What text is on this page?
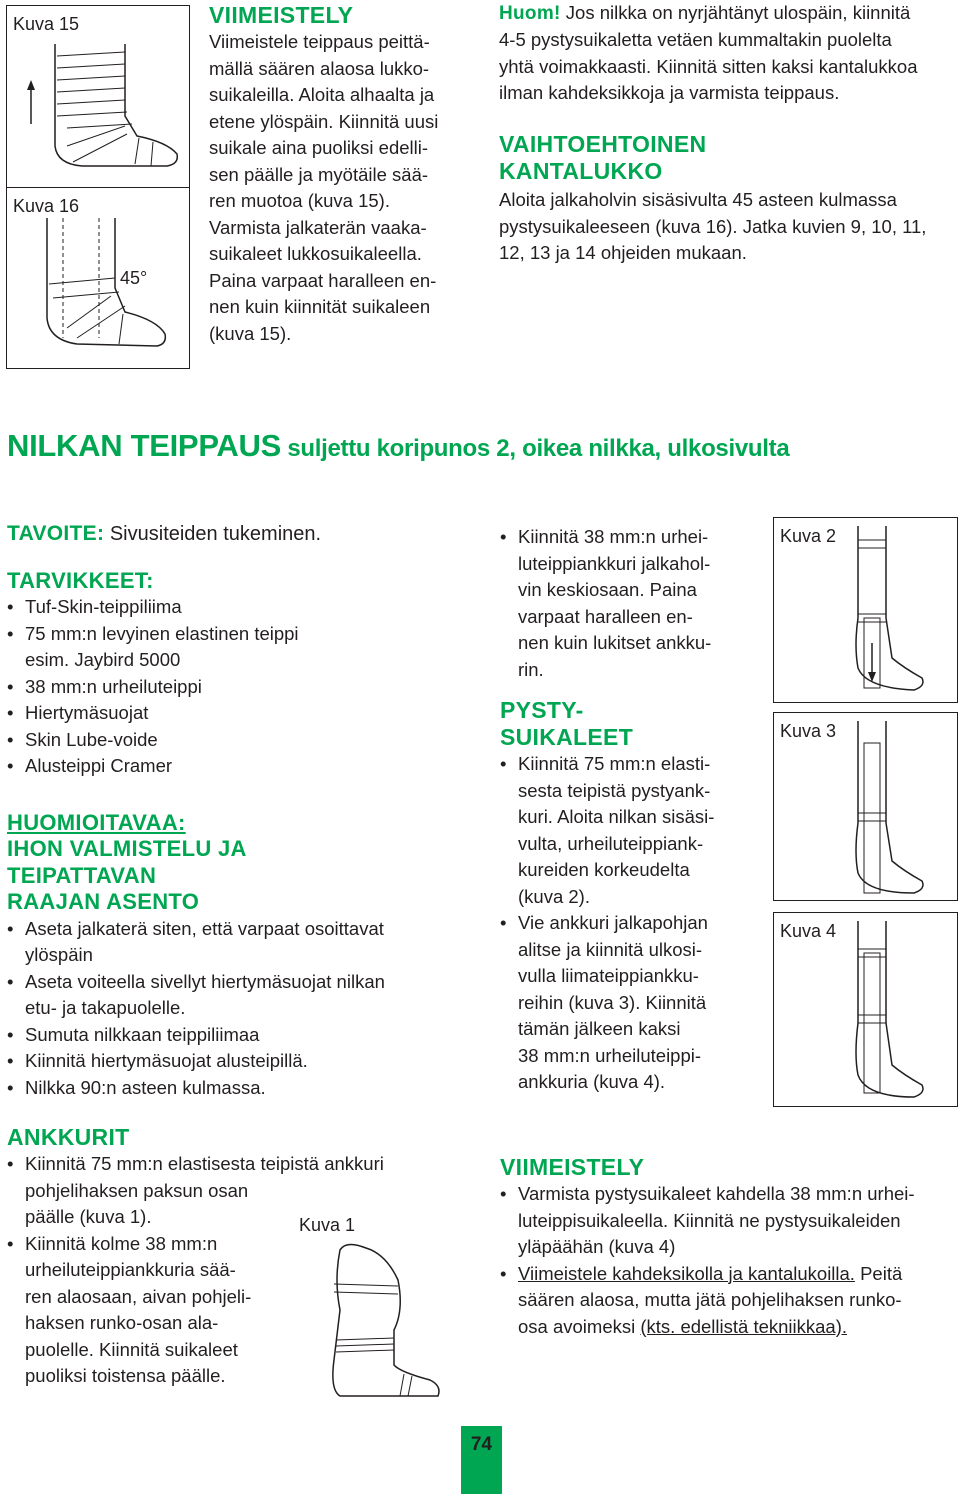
Kuva 15
Kuva 16
45°
VIIMEISTELY
Viimeistele teippaus peittä-
mällä säären alaosa lukko-
suikaleilla. Aloita alhaalta ja
etene ylöspäin. Kiinnitä uusi
suikale aina puoliksi edelli-
sen päälle ja myötäile sää-
ren muotoa (kuva 15).
Varmista jalkaterän vaaka-
suikaleet lukkosuikaleella.
Paina varpaat haralleen en-
nen kuin kiinnität suikaleen
(kuva 15).
Huom! Jos nilkka on nyrjähtänyt ulospäin, kiinnitä
4-5 pystysuikaletta vetäen kummaltakin puolelta
yhtä voimakkaasti. Kiinnitä sitten kaksi kantalukkoa
ilman kahdeksikkoja ja varmista teippaus.
VAIHTOEHTOINEN
KANTALUKKO
Aloita jalkaholvin sisäsivulta 45 asteen kulmassa
pystysuikaleeseen (kuva 16). Jatka kuvien 9, 10, 11,
12, 13 ja 14 ohjeiden mukaan.
NILKAN TEIPPAUS suljettu koripunos 2, oikea nilkka, ulkosivulta
TAVOITE: Sivusiteiden tukeminen.
TARVIKKEET:
• Tuf-Skin-teippiliima
• 75 mm:n levyinen elastinen teippi
esim. Jaybird 5000
• 38 mm:n urheiluteippi
• Hiertymäsuojat
• Skin Lube-voide
• Alusteippi Cramer
HUOMIOITAVAA:
IHON VALMISTELU JA
TEIPATTAVAN
RAAJAN ASENTO
• Aseta jalkaterä siten, että varpaat osoittavat
ylöspäin
• Aseta voiteella sivellyt hiertymäsuojat nilkan
etu- ja takapuolelle.
• Sumuta nilkkaan teippiliimaa
• Kiinnitä hiertymäsuojat alusteipillä.
• Nilkka 90:n asteen kulmassa.
ANKKURIT
• Kiinnitä 75 mm:n elastisesta teipistä ankkuri
pohjelihaksen paksun osan
päälle (kuva 1).
• Kiinnitä kolme 38 mm:n
urheiluteippiankkuria sää-
ren alaosaan, aivan pohjeli-
haksen runko-osan ala-
puolelle. Kiinnitä suikaleet
puoliksi toistensa päälle.
Kuva 1
• Kiinnitä 38 mm:n urhei-
luteippiankkuri jalkahol-
vin keskiosaan. Paina
varpaat haralleen en-
nen kuin lukitset ankku-
rin.
PYSTY-
SUIKALEET
• Kiinnitä 75 mm:n elasti-
sesta teipistä pystyank-
kuri. Aloita nilkan sisäsi-
vulta, urheiluteippiank-
kureiden korkeudelta
(kuva 2).
• Vie ankkuri jalkapohjan
alitse ja kiinnitä ulkosi-
vulla liimateippiankku-
reihin (kuva 3). Kiinnitä
tämän jälkeen kaksi
38 mm:n urheiluteippi-
ankkuria (kuva 4).
Kuva 2
Kuva 3
Kuva 4
VIIMEISTELY
• Varmista pystysuikaleet kahdella 38 mm:n urhei-
luteippisuikaleella. Kiinnitä ne pystysuikaleiden
yläpäähän (kuva 4)
• Viimeistele kahdeksikolla ja kantalukoilla. Peitä
säären alaosa, mutta jätä pohjelihaksen runko-
osa avoimeksi (kts. edellistä tekniikkaa).
74
